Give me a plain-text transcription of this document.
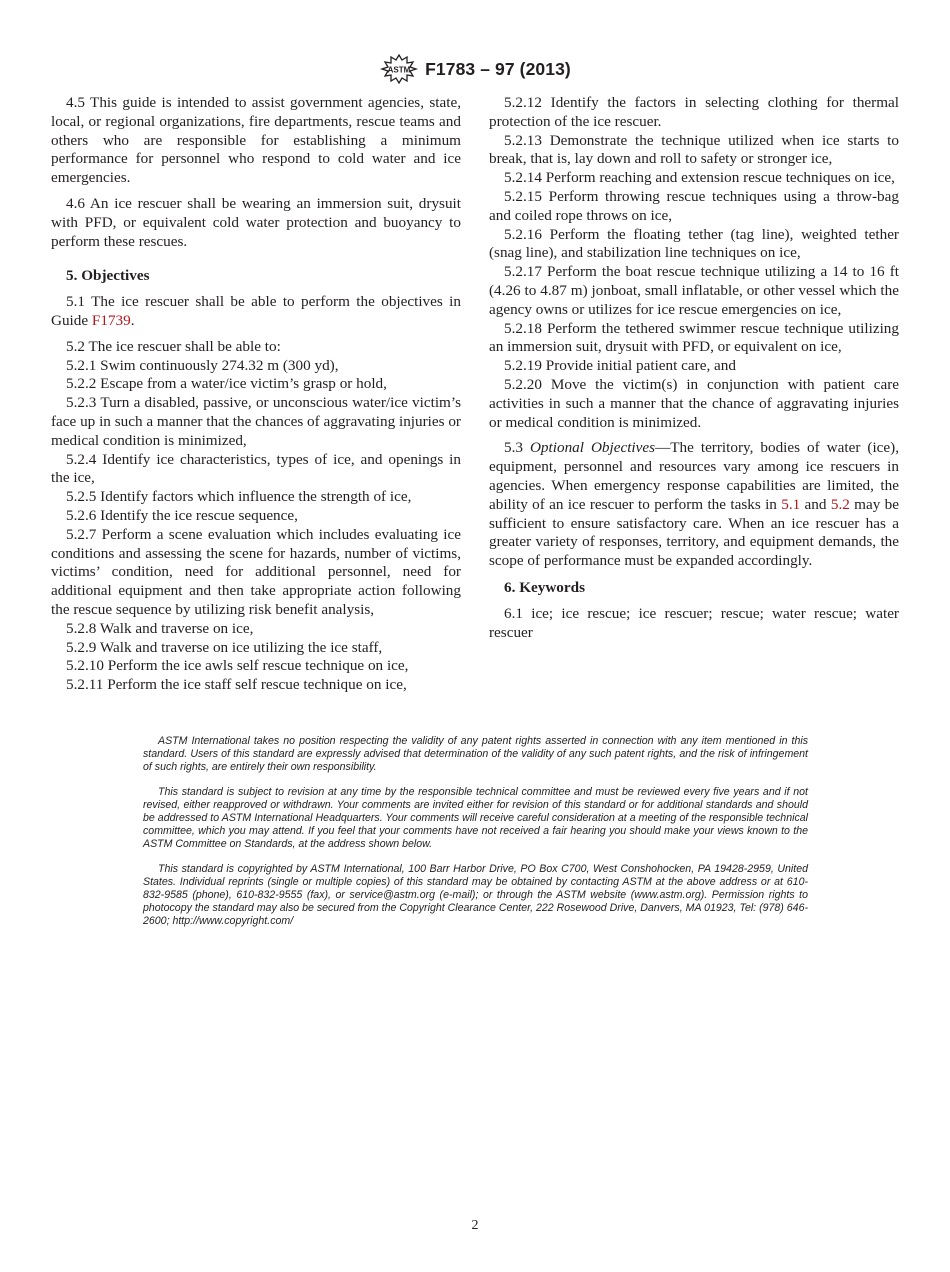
ASTM F1783 – 97 (2013)

4.5 This guide is intended to assist government agencies, state, local, or regional organizations, fire departments, rescue teams and others who are responsible for establishing a minimum performance for personnel who respond to cold water and ice emergencies.

4.6 An ice rescuer shall be wearing an immersion suit, drysuit with PFD, or equivalent cold water protection and buoyancy to perform these rescues.

5. Objectives

5.1 The ice rescuer shall be able to perform the objectives in Guide F1739.

5.2 The ice rescuer shall be able to:

5.2.1 Swim continuously 274.32 m (300 yd),

5.2.2 Escape from a water/ice victim’s grasp or hold,

5.2.3 Turn a disabled, passive, or unconscious water/ice victim’s face up in such a manner that the chances of aggravating injuries or medical condition is minimized,

5.2.4 Identify ice characteristics, types of ice, and openings in the ice,

5.2.5 Identify factors which influence the strength of ice,

5.2.6 Identify the ice rescue sequence,

5.2.7 Perform a scene evaluation which includes evaluating ice conditions and assessing the scene for hazards, number of victims, victims’ condition, need for additional personnel, need for additional equipment and then take appropriate action following the rescue sequence by utilizing risk benefit analysis,

5.2.8 Walk and traverse on ice,

5.2.9 Walk and traverse on ice utilizing the ice staff,

5.2.10 Perform the ice awls self rescue technique on ice,

5.2.11 Perform the ice staff self rescue technique on ice,

5.2.12 Identify the factors in selecting clothing for thermal protection of the ice rescuer.

5.2.13 Demonstrate the technique utilized when ice starts to break, that is, lay down and roll to safety or stronger ice,

5.2.14 Perform reaching and extension rescue techniques on ice,

5.2.15 Perform throwing rescue techniques using a throw-bag and coiled rope throws on ice,

5.2.16 Perform the floating tether (tag line), weighted tether (snag line), and stabilization line techniques on ice,

5.2.17 Perform the boat rescue technique utilizing a 14 to 16 ft (4.26 to 4.87 m) jonboat, small inflatable, or other vessel which the agency owns or utilizes for ice rescue emergencies on ice,

5.2.18 Perform the tethered swimmer rescue technique utilizing an immersion suit, drysuit with PFD, or equivalent on ice,

5.2.19 Provide initial patient care, and

5.2.20 Move the victim(s) in conjunction with patient care activities in such a manner that the chance of aggravating injuries or medical condition is minimized.

5.3 Optional Objectives—The territory, bodies of water (ice), equipment, personnel and resources vary among ice rescuers in agencies. When emergency response capabilities are limited, the ability of an ice rescuer to perform the tasks in 5.1 and 5.2 may be sufficient to ensure satisfactory care. When an ice rescuer has a greater variety of responses, territory, and equipment demands, the scope of performance must be expanded accordingly.

6. Keywords

6.1 ice; ice rescue; ice rescuer; rescue; water rescue; water rescuer

ASTM International takes no position respecting the validity of any patent rights asserted in connection with any item mentioned in this standard. Users of this standard are expressly advised that determination of the validity of any such patent rights, and the risk of infringement of such rights, are entirely their own responsibility.

This standard is subject to revision at any time by the responsible technical committee and must be reviewed every five years and if not revised, either reapproved or withdrawn. Your comments are invited either for revision of this standard or for additional standards and should be addressed to ASTM International Headquarters. Your comments will receive careful consideration at a meeting of the responsible technical committee, which you may attend. If you feel that your comments have not received a fair hearing you should make your views known to the ASTM Committee on Standards, at the address shown below.

This standard is copyrighted by ASTM International, 100 Barr Harbor Drive, PO Box C700, West Conshohocken, PA 19428-2959, United States. Individual reprints (single or multiple copies) of this standard may be obtained by contacting ASTM at the above address or at 610-832-9585 (phone), 610-832-9555 (fax), or service@astm.org (e-mail); or through the ASTM website (www.astm.org). Permission rights to photocopy the standard may also be secured from the Copyright Clearance Center, 222 Rosewood Drive, Danvers, MA 01923, Tel: (978) 646-2600; http://www.copyright.com/

2
